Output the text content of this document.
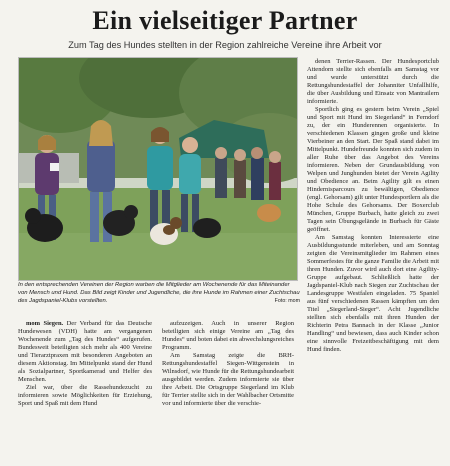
Ein vielseitiger Partner
Zum Tag des Hundes stellten in der Region zahlreiche Vereine ihre Arbeit vor
In den entsprechenden Vereinen der Region warben die Mitglieder am Wochenende für das Miteinander von Mensch und Hund. Das Bild zeigt Kinder und Jugendliche, die ihre Hunde im Rahmen einer Zuchtschau des Jagdspaniel-Klubs vorstellten.	Foto: mom

mom Siegen. Der Verband für das Deutsche Hundewesen (VDH) hatte am vergangenen Wochenende zum „Tag des Hundes“ aufgerufen. Bundesweit beteiligten sich mehr als 400 Vereine und Tierarztpraxen mit besonderen Angeboten an diesem Aktionstag. Im Mittelpunkt stand der Hund als Sozialpartner, Sportkamerad und Helfer des Menschen.

Ziel war, über die Rassehundezucht zu informieren sowie Möglichkeiten für Erziehung, Sport und Spaß mit dem Hund

aufzuzeigen. Auch in unserer Region beteiligten sich einige Vereine am „Tag des Hundes“ und boten dabei ein abwechslungsreiches Programm.

Am Samstag zeigte die BRH-Rettungshundestaffel Siegen-Wittgenstein in Wilnsdorf, wie Hunde für die Rettungshundearbeit ausgebildet werden. Zudem informierte sie über ihre Arbeit. Die Ortsgruppe Siegerland im Klub für Terrier stellte sich in der Wahlbacher Ortsmitte vor und informierte über die verschie-

denen Terrier-Rassen. Der Hundesportclub Attendorn stellte sich ebenfalls am Samstag vor und wurde unterstützt durch die Rettungshundestaffel der Johanniter Unfallhilfe, die über Ausbildung und Einsatz von Mantrailern informierte.

Sportlich ging es gestern beim Verein „Spiel und Sport mit Hund im Siegerland“ in Ferndorf zu, der ein Hunderennen organisierte. In verschiedenen Klassen gingen große und kleine Vierbeiner an den Start. Der Spaß stand dabei im Mittelpunkt. Hundefreunde konnten sich zudem in aller Ruhe über das Angebot des Vereins informieren. Neben der Grundausbildung von Welpen und Junghunden bietet der Verein Agility und Obedience an. Beim Agility gilt es einen Hindernisparcours zu bewältigen, Obedience (engl. Gehorsam) gilt unter Hundesportlern als die Hohe Schule des Gehorsams. Der Boxerclub München, Gruppe Burbach, hatte gleich zu zwei Tagen sein Übungsgelände in Burbach für Gäste geöffnet.

Am Samstag konnten Interessierte eine Ausbildungsstunde miterleben, und am Sonntag zeigten die Vereinsmitglieder im Rahmen eines Sommerfestes für die ganze Familie die Arbeit mit ihren Hunden. Zuvor wird auch dort eine Agility-Gruppe aufgebaut. Schließlich hatte der Jagdspaniel-Klub nach Siegen zur Zuchtschau der Landesgruppe Westfalen eingeladen. 75 Spaniel aus fünf verschiedenen Rassen kämpften um den Titel „Siegerland-Sieger“. Acht Jugendliche stellten sich ebenfalls mit ihren Hunden der Richterin Petra Bannach in der Klasse „Junior Handling“ und bewiesen, dass auch Kinder schon eine sinnvolle Freizeitbeschäftigung mit dem Hund finden.
